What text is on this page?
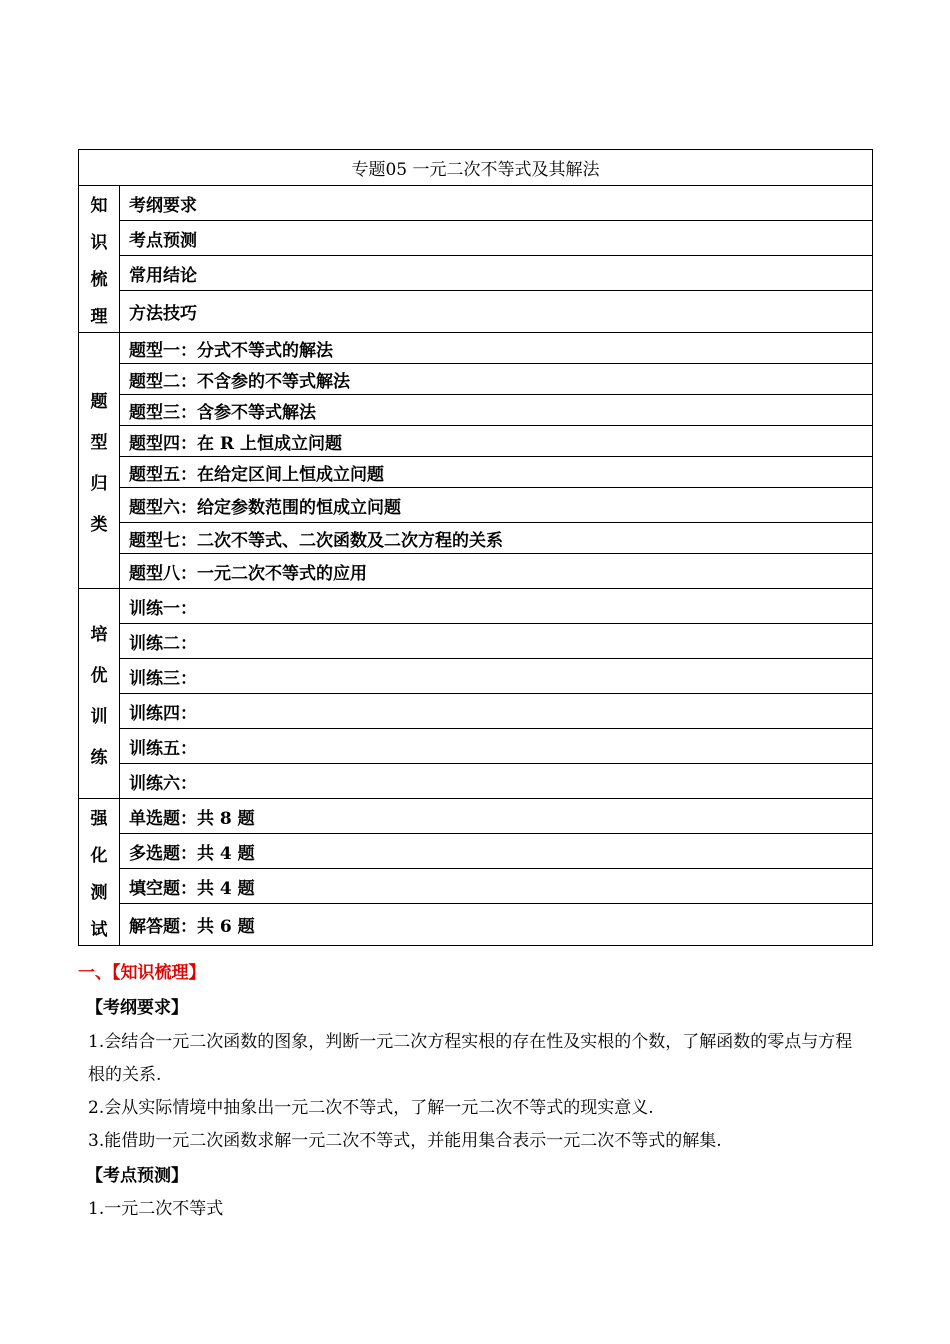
专题05 一元二次不等式及其解法	

知
识
梳
理	考纲要求
	考点预测
	常用结论
	方法技巧

题
型
归
类	题型一：分式不等式的解法
	题型二：不含参的不等式解法
	题型三：含参不等式解法
	题型四：在 R 上恒成立问题
	题型五：在给定区间上恒成立问题
	题型六：给定参数范围的恒成立问题
	题型七：二次不等式、二次函数及二次方程的关系
	题型八：一元二次不等式的应用

培
优
训
练	训练一：
	训练二：
	训练三：
	训练四：
	训练五：
	训练六：

强
化
测
试	单选题：共 8 题
	多选题：共 4 题
	填空题：共 4 题
	解答题：共 6 题
一、【知识梳理】
【考纲要求】
1.会结合一元二次函数的图象，判断一元二次方程实根的存在性及实根的个数，了解函数的零点与方程根的关系.
2.会从实际情境中抽象出一元二次不等式，了解一元二次不等式的现实意义.
3.能借助一元二次函数求解一元二次不等式，并能用集合表示一元二次不等式的解集.
【考点预测】
1.一元二次不等式
